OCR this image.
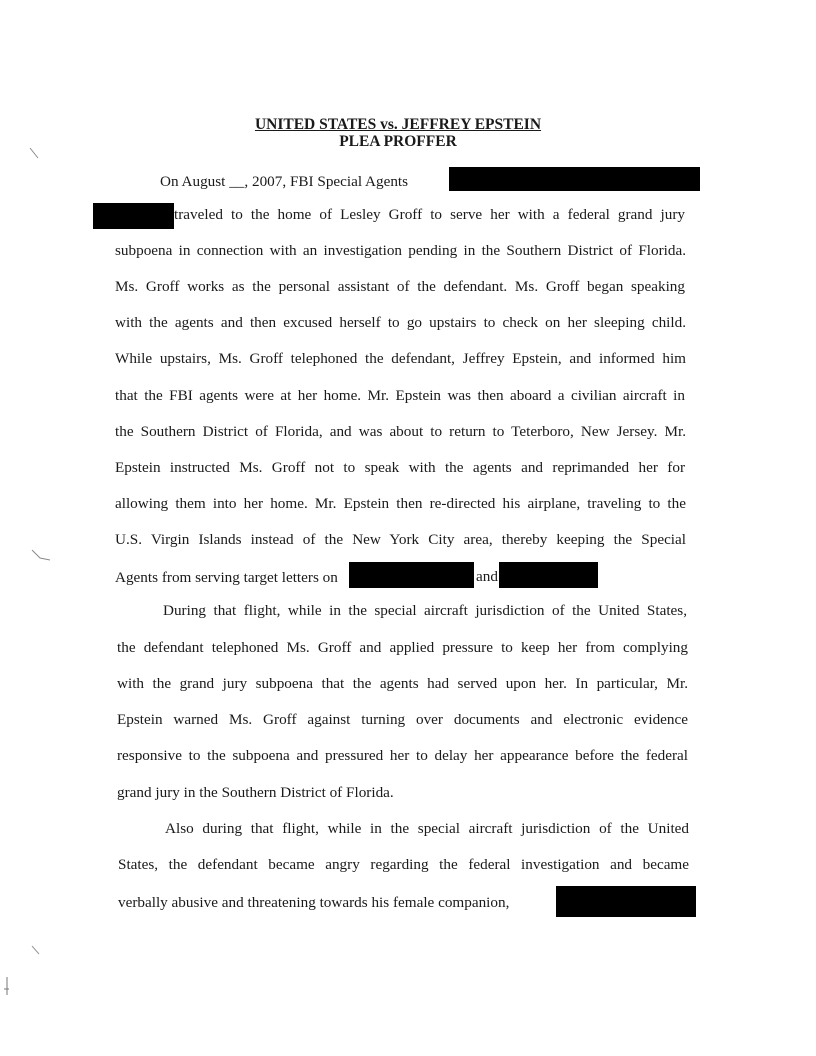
UNITED STATES vs. JEFFREY EPSTEIN
PLEA PROFFER
On August __, 2007, FBI Special Agents
traveled to the home of Lesley Groff to serve her with a federal grand jury
subpoena in connection with an investigation pending in the Southern District of Florida.
Ms. Groff works as the personal assistant of the defendant. Ms. Groff began speaking
with the agents and then excused herself to go upstairs to check on her sleeping child.
While upstairs, Ms. Groff telephoned the defendant, Jeffrey Epstein, and informed him
that the FBI agents were at her home. Mr. Epstein was then aboard a civilian aircraft in
the Southern District of Florida, and was about to return to Teterboro, New Jersey. Mr.
Epstein instructed Ms. Groff not to speak with the agents and reprimanded her for
allowing them into her home. Mr. Epstein then re-directed his airplane, traveling to the
U.S. Virgin Islands instead of the New York City area, thereby keeping the Special
Agents from serving target letters on	and
During that flight, while in the special aircraft jurisdiction of the United States,
the defendant telephoned Ms. Groff and applied pressure to keep her from complying
with the grand jury subpoena that the agents had served upon her. In particular, Mr.
Epstein warned Ms. Groff against turning over documents and electronic evidence
responsive to the subpoena and pressured her to delay her appearance before the federal
grand jury in the Southern District of Florida.
Also during that flight, while in the special aircraft jurisdiction of the United
States, the defendant became angry regarding the federal investigation and became
verbally abusive and threatening towards his female companion,
